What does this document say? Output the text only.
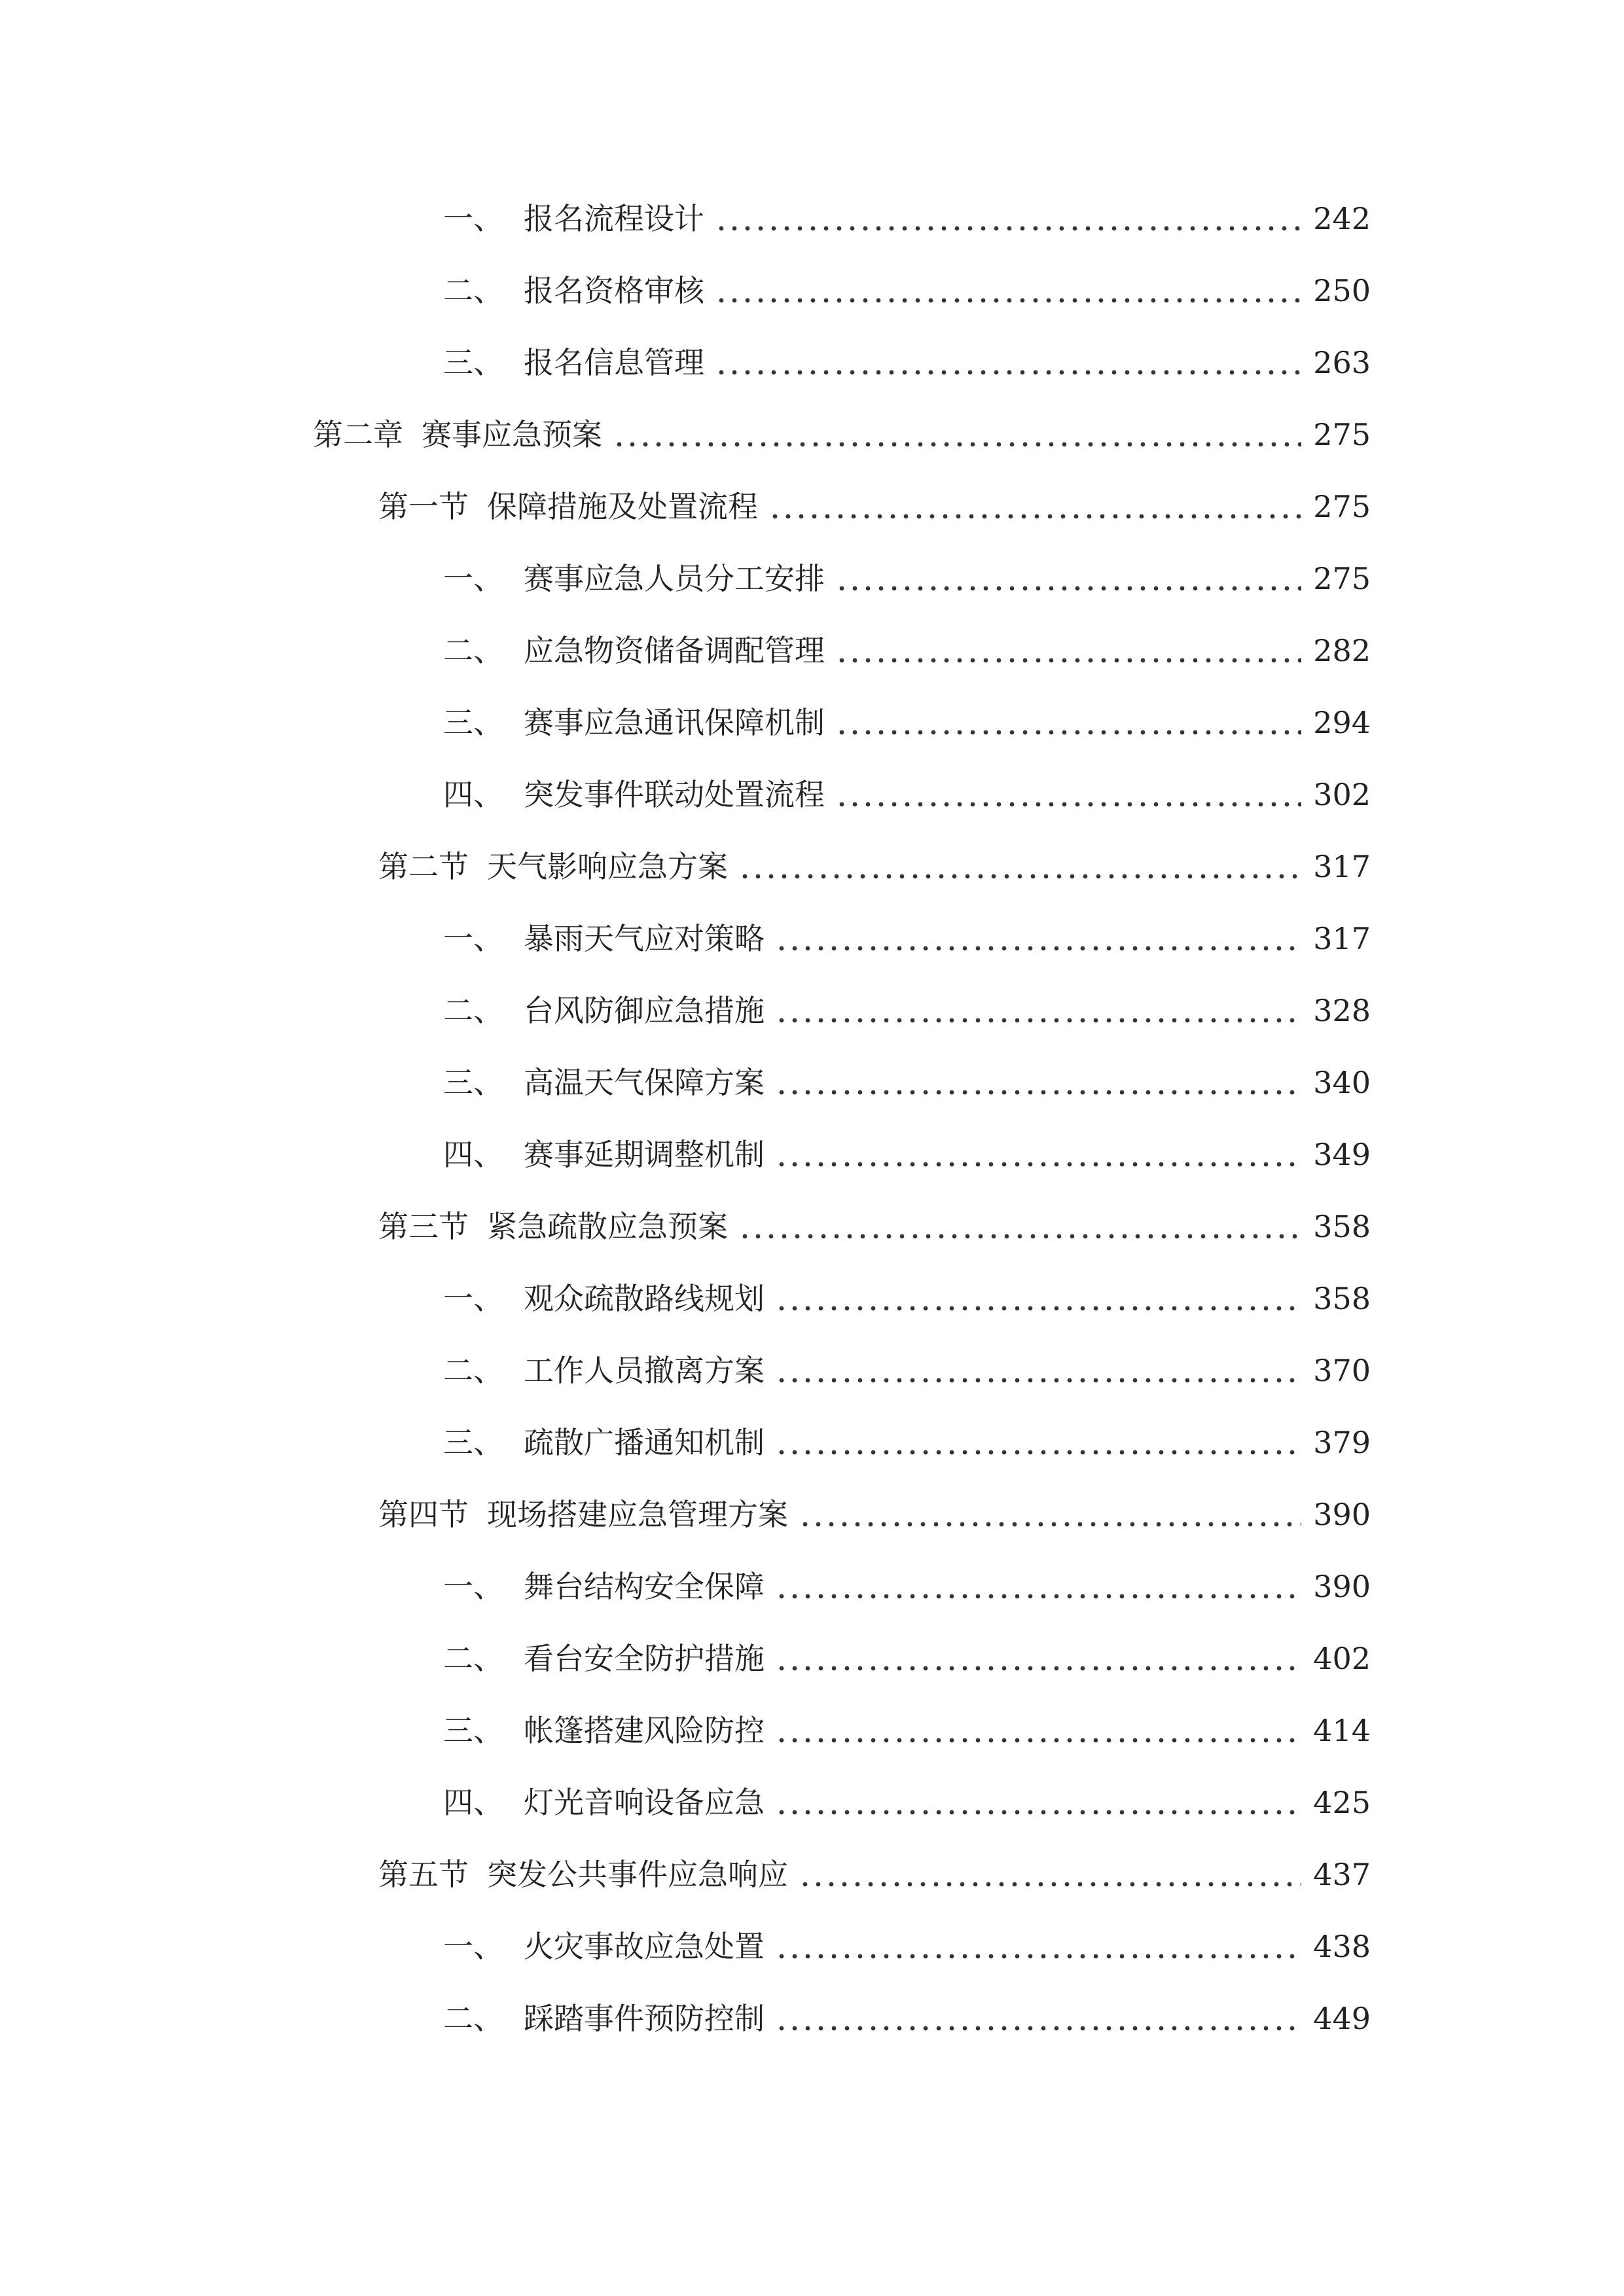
一、 报名流程设计	242
二、 报名资格审核	250
三、 报名信息管理	263
第二章 赛事应急预案	275
第一节 保障措施及处置流程	275
一、 赛事应急人员分工安排	275
二、 应急物资储备调配管理	282
三、 赛事应急通讯保障机制	294
四、 突发事件联动处置流程	302
第二节 天气影响应急方案	317
一、 暴雨天气应对策略	317
二、 台风防御应急措施	328
三、 高温天气保障方案	340
四、 赛事延期调整机制	349
第三节 紧急疏散应急预案	358
一、 观众疏散路线规划	358
二、 工作人员撤离方案	370
三、 疏散广播通知机制	379
第四节 现场搭建应急管理方案	390
一、 舞台结构安全保障	390
二、 看台安全防护措施	402
三、 帐篷搭建风险防控	414
四、 灯光音响设备应急	425
第五节 突发公共事件应急响应	437
一、 火灾事故应急处置	438
二、 踩踏事件预防控制	449
